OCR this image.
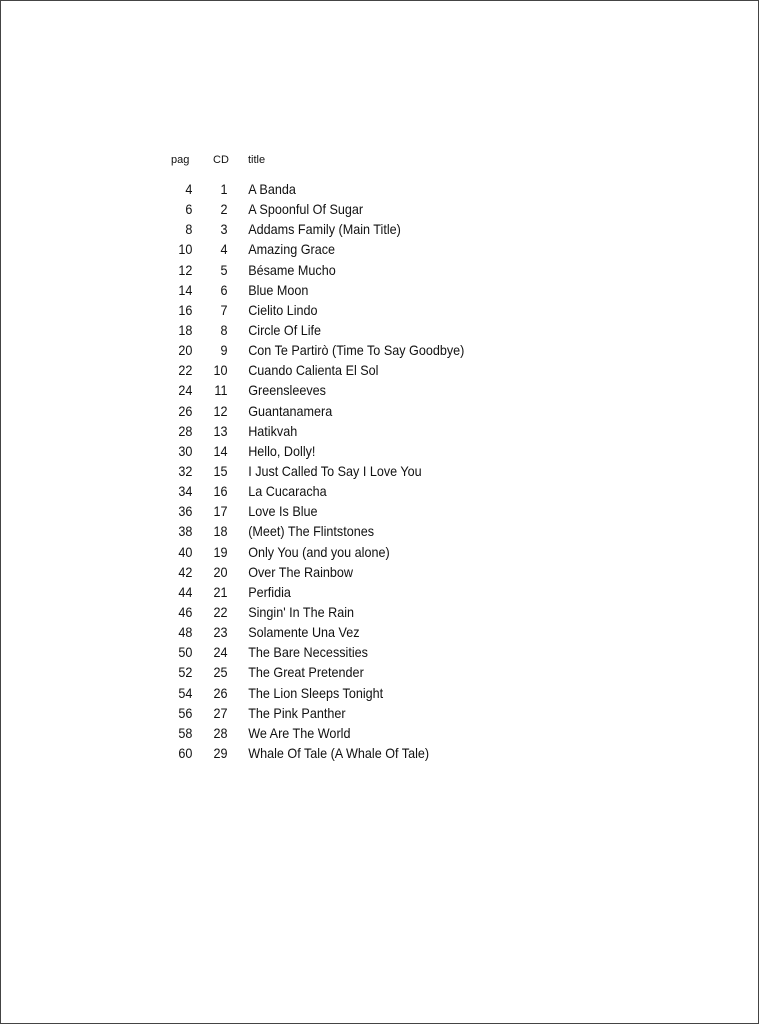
pag CD title
4	1 A Banda
6	2 A Spoonful Of Sugar
8	3 Addams Family (Main Title)
10	4 Amazing Grace
12	5 Bésame Mucho
14	6 Blue Moon
16	7 Cielito Lindo
18	8 Circle Of Life
20	9 Con Te Partirò (Time To Say Goodbye)
22	10 Cuando Calienta El Sol
24	11 Greensleeves
26	12 Guantanamera
28	13 Hatikvah
30	14 Hello, Dolly!
32	15 I Just Called To Say I Love You
34	16 La Cucaracha
36	17 Love Is Blue
38	18 (Meet) The Flintstones
40	19 Only You (and you alone)
42	20 Over The Rainbow
44	21 Perfidia
46	22 Singin' In The Rain
48	23 Solamente Una Vez
50	24 The Bare Necessities
52	25 The Great Pretender
54	26 The Lion Sleeps Tonight
56	27 The Pink Panther
58	28 We Are The World
60	29 Whale Of Tale (A Whale Of Tale)
